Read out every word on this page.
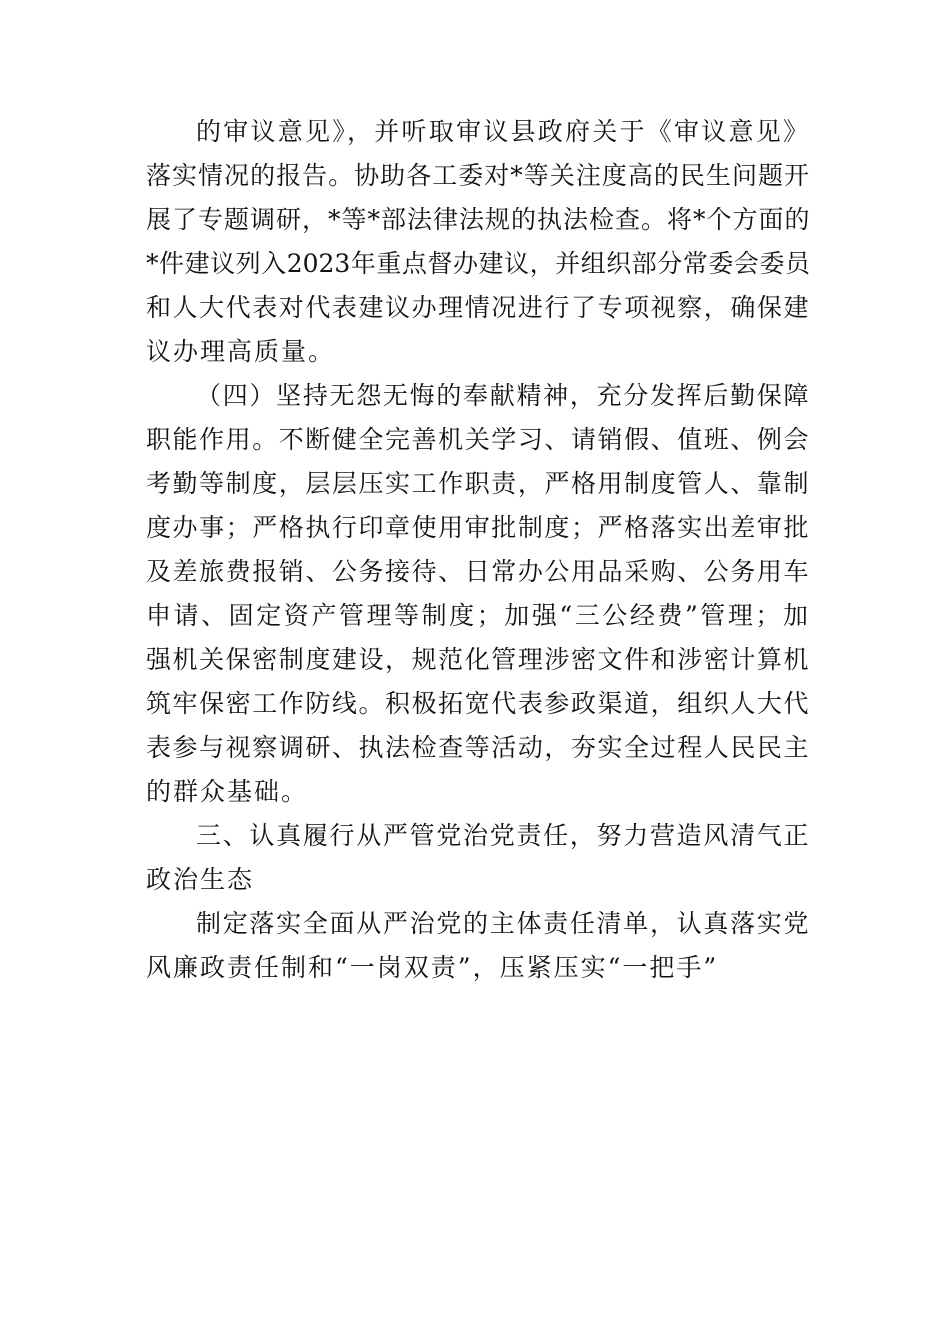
的审议意见》，并听取审议县政府关于《审议意见》
落实情况的报告。协助各工委对*等关注度高的民生问题开
展了专题调研，*等*部法律法规的执法检查。将*个方面的
*件建议列入2023年重点督办建议，并组织部分常委会委员
和人大代表对代表建议办理情况进行了专项视察，确保建
议办理高质量。
（四）坚持无怨无悔的奉献精神，充分发挥后勤保障
职能作用。不断健全完善机关学习、请销假、值班、例会
考勤等制度，层层压实工作职责，严格用制度管人、靠制
度办事；严格执行印章使用审批制度；严格落实出差审批
及差旅费报销、公务接待、日常办公用品采购、公务用车
申请、固定资产管理等制度；加强“三公经费”管理；加
强机关保密制度建设，规范化管理涉密文件和涉密计算机
筑牢保密工作防线。积极拓宽代表参政渠道，组织人大代
表参与视察调研、执法检查等活动，夯实全过程人民民主
的群众基础。
三、认真履行从严管党治党责任，努力营造风清气正
政治生态
制定落实全面从严治党的主体责任清单，认真落实党
风廉政责任制和“一岗双责”，压紧压实“一把手”
